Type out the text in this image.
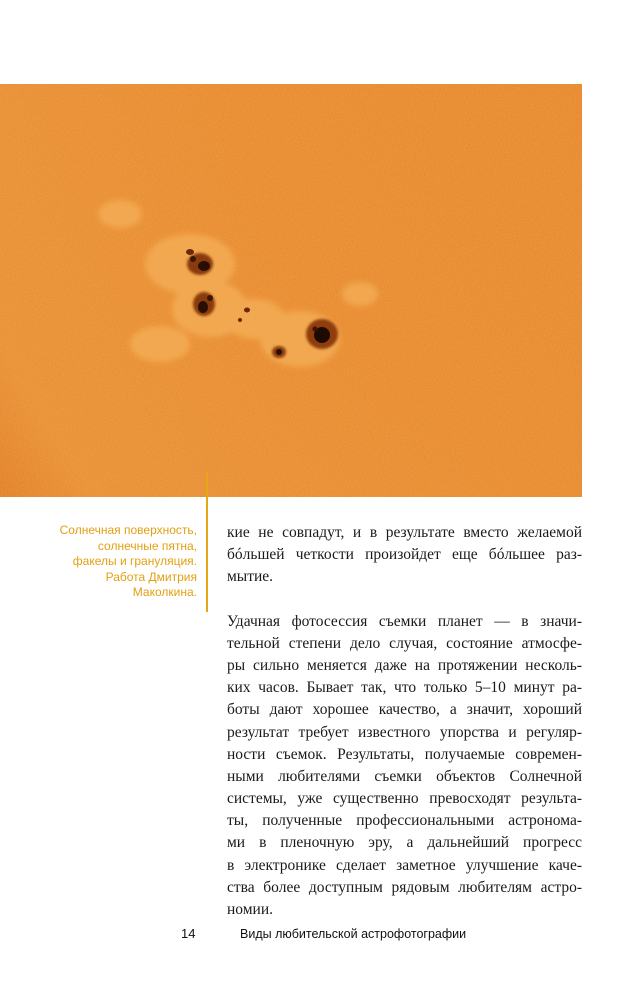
Солнечная поверхность,
солнечные пятна,
факелы и грануляция.
Работа Дмитрия
Маколкина.
кие не совпадут, и в результате вместо желаемой
бóльшей четкости произойдет еще бóльшее раз-
мытие.
Удачная фотосессия съемки планет — в значи-
тельной степени дело случая, состояние атмосфе-
ры сильно меняется даже на протяжении несколь-
ких часов. Бывает так, что только 5–10 минут ра-
боты дают хорошее качество, а значит, хороший
результат требует известного упорства и регуляр-
ности съемок. Результаты, получаемые современ-
ными любителями съемки объектов Солнечной
системы, уже существенно превосходят результа-
ты, полученные профессиональными астронома-
ми в пленочную эру, а дальнейший прогресс
в электронике сделает заметное улучшение каче-
ства более доступным рядовым любителям астро-
номии.
14	Виды любительской астрофотографии
